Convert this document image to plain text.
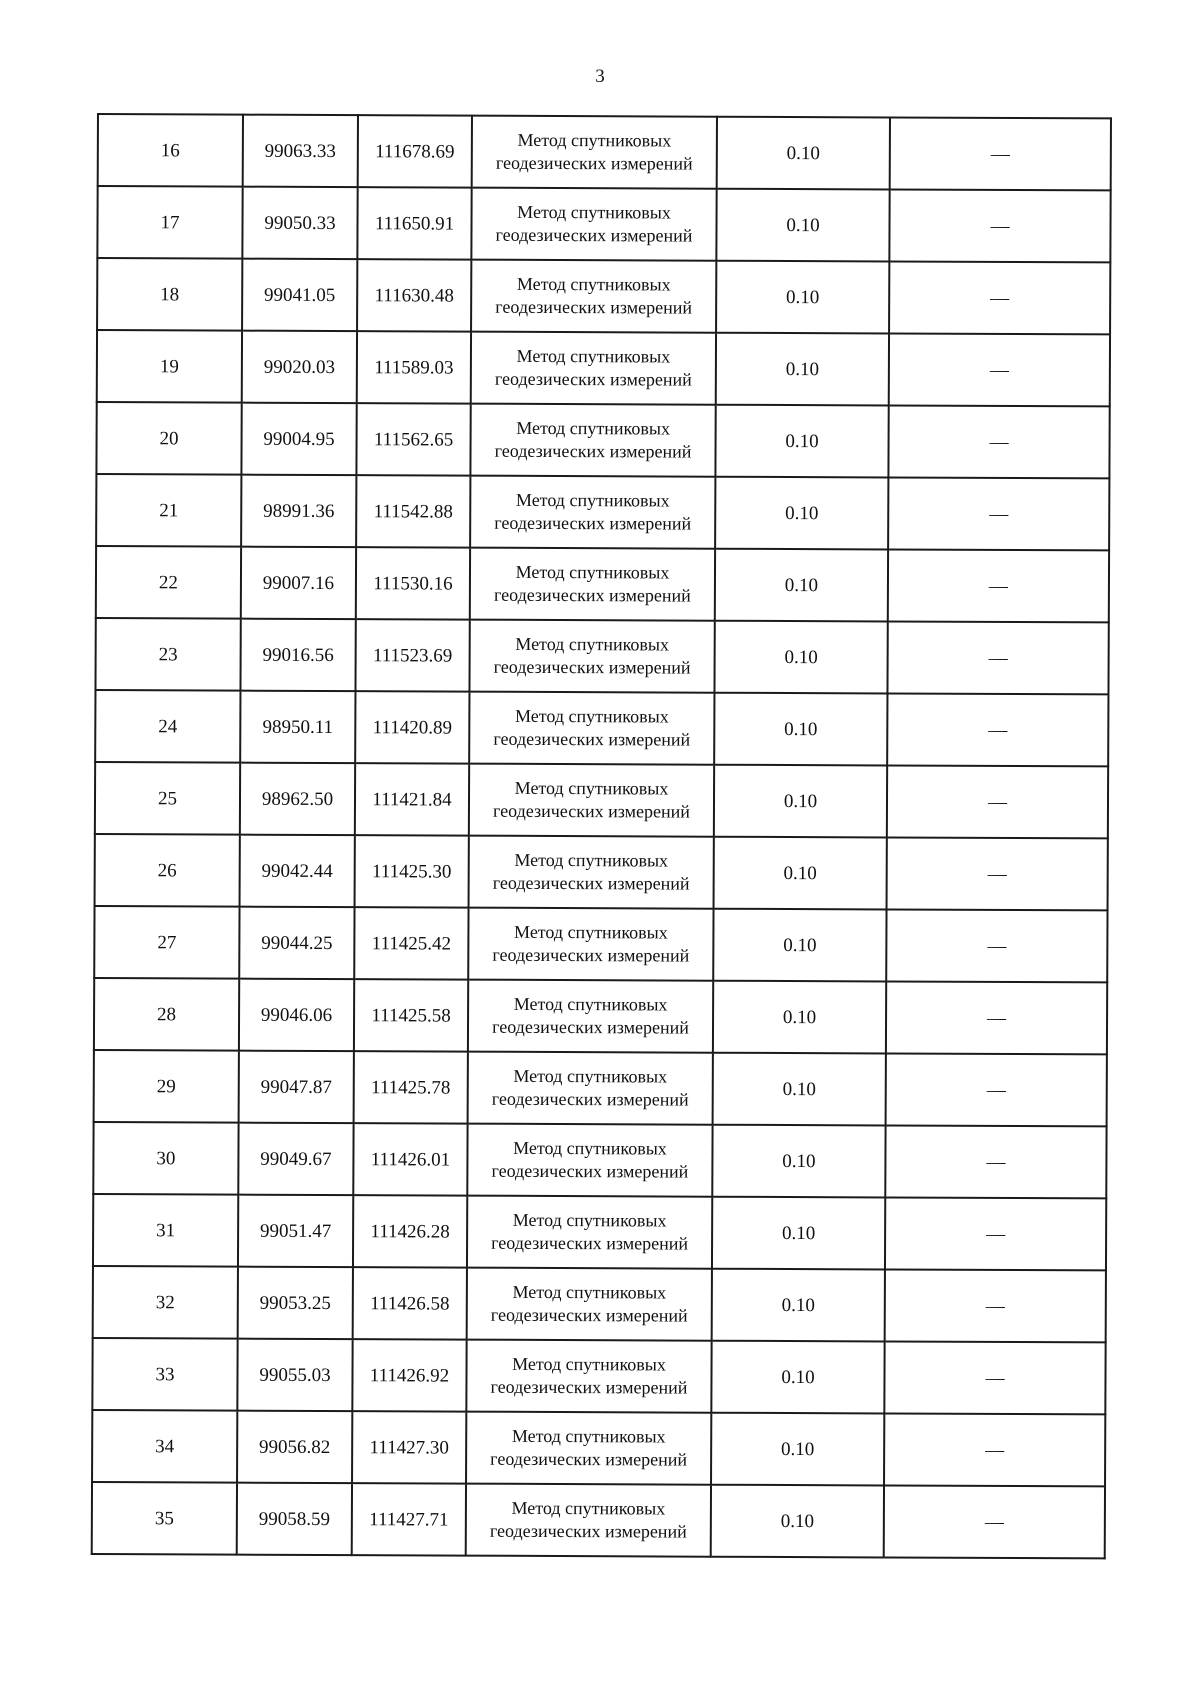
3
16	99063.33	111678.69	Метод спутниковых
геодезических измерений	0.10	—
17	99050.33	111650.91	Метод спутниковых
геодезических измерений	0.10	—
18	99041.05	111630.48	Метод спутниковых
геодезических измерений	0.10	—
19	99020.03	111589.03	Метод спутниковых
геодезических измерений	0.10	—
20	99004.95	111562.65	Метод спутниковых
геодезических измерений	0.10	—
21	98991.36	111542.88	Метод спутниковых
геодезических измерений	0.10	—
22	99007.16	111530.16	Метод спутниковых
геодезических измерений	0.10	—
23	99016.56	111523.69	Метод спутниковых
геодезических измерений	0.10	—
24	98950.11	111420.89	Метод спутниковых
геодезических измерений	0.10	—
25	98962.50	111421.84	Метод спутниковых
геодезических измерений	0.10	—
26	99042.44	111425.30	Метод спутниковых
геодезических измерений	0.10	—
27	99044.25	111425.42	Метод спутниковых
геодезических измерений	0.10	—
28	99046.06	111425.58	Метод спутниковых
геодезических измерений	0.10	—
29	99047.87	111425.78	Метод спутниковых
геодезических измерений	0.10	—
30	99049.67	111426.01	Метод спутниковых
геодезических измерений	0.10	—
31	99051.47	111426.28	Метод спутниковых
геодезических измерений	0.10	—
32	99053.25	111426.58	Метод спутниковых
геодезических измерений	0.10	—
33	99055.03	111426.92	Метод спутниковых
геодезических измерений	0.10	—
34	99056.82	111427.30	Метод спутниковых
геодезических измерений	0.10	—
35	99058.59	111427.71	Метод спутниковых
геодезических измерений	0.10	—
